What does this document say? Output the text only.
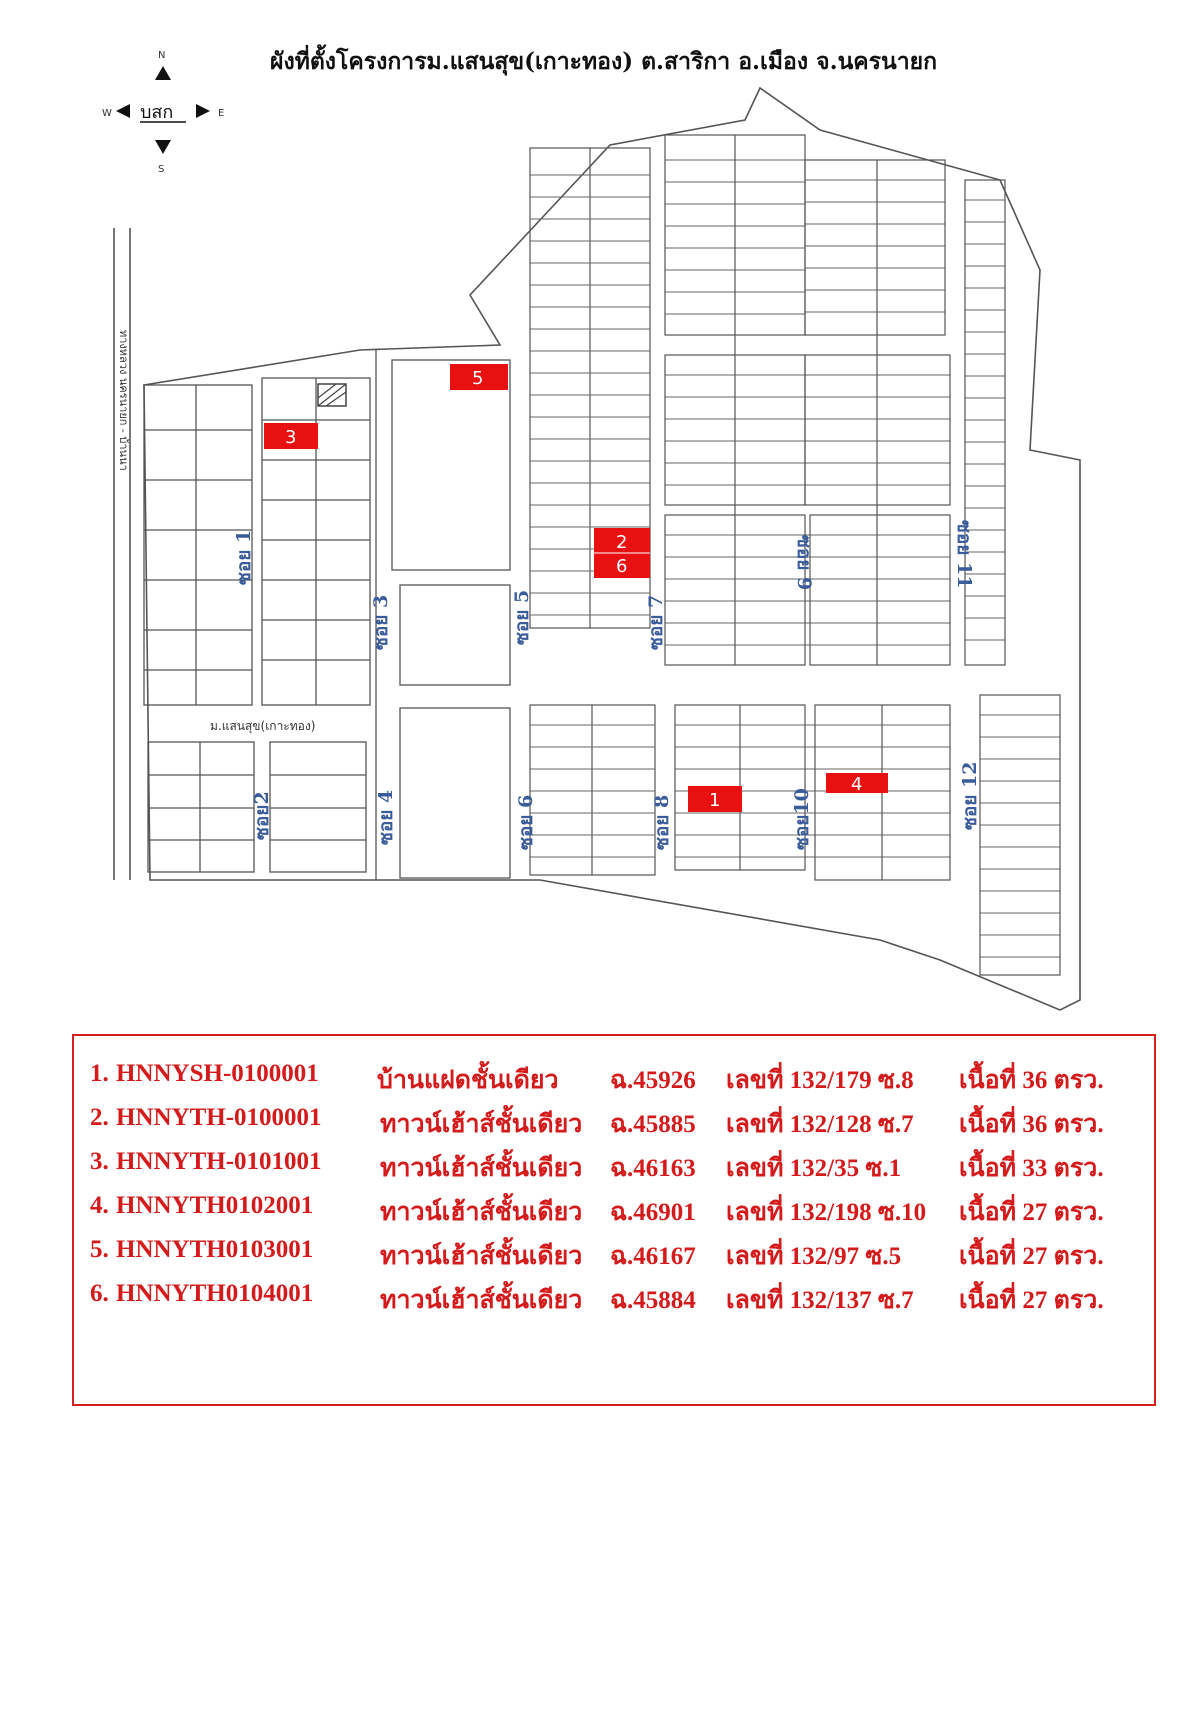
ผังที่ตั้งโครงการม.แสนสุข(เกาะทอง) ต.สาริกา อ.เมือง จ.นครนายก
N
S
W	E
บสก
ทางหลวง นครนายก - บ้านนา
ม.แสนสุข(เกาะทอง)
ซอย 1
ซอย2
ซอย 3
ซอย 4
ซอย 5
ซอย 6
ซอย 7
ซอย 8
ซอย 9
ซอย10
ซอย 11
ซอย 12
1
2
6
3
4
5
1. HNNYSH-0100001 บ้านแฝดชั้นเดียว ฉ.45926 เลขที่ 132/179 ซ.8 เนื้อที่ 36 ตรว.
2. HNNYTH-0100001 ทาวน์เฮ้าส์ชั้นเดียว ฉ.45885 เลขที่ 132/128 ซ.7 เนื้อที่ 36 ตรว.
3. HNNYTH-0101001 ทาวน์เฮ้าส์ชั้นเดียว ฉ.46163 เลขที่ 132/35 ซ.1 เนื้อที่ 33 ตรว.
4. HNNYTH0102001	ทาวน์เฮ้าส์ชั้นเดียว ฉ.46901 เลขที่ 132/198 ซ.10 เนื้อที่ 27 ตรว.
5. HNNYTH0103001	ทาวน์เฮ้าส์ชั้นเดียว ฉ.46167 เลขที่ 132/97 ซ.5 เนื้อที่ 27 ตรว.
6. HNNYTH0104001	ทาวน์เฮ้าส์ชั้นเดียว ฉ.45884 เลขที่ 132/137 ซ.7 เนื้อที่ 27 ตรว.
